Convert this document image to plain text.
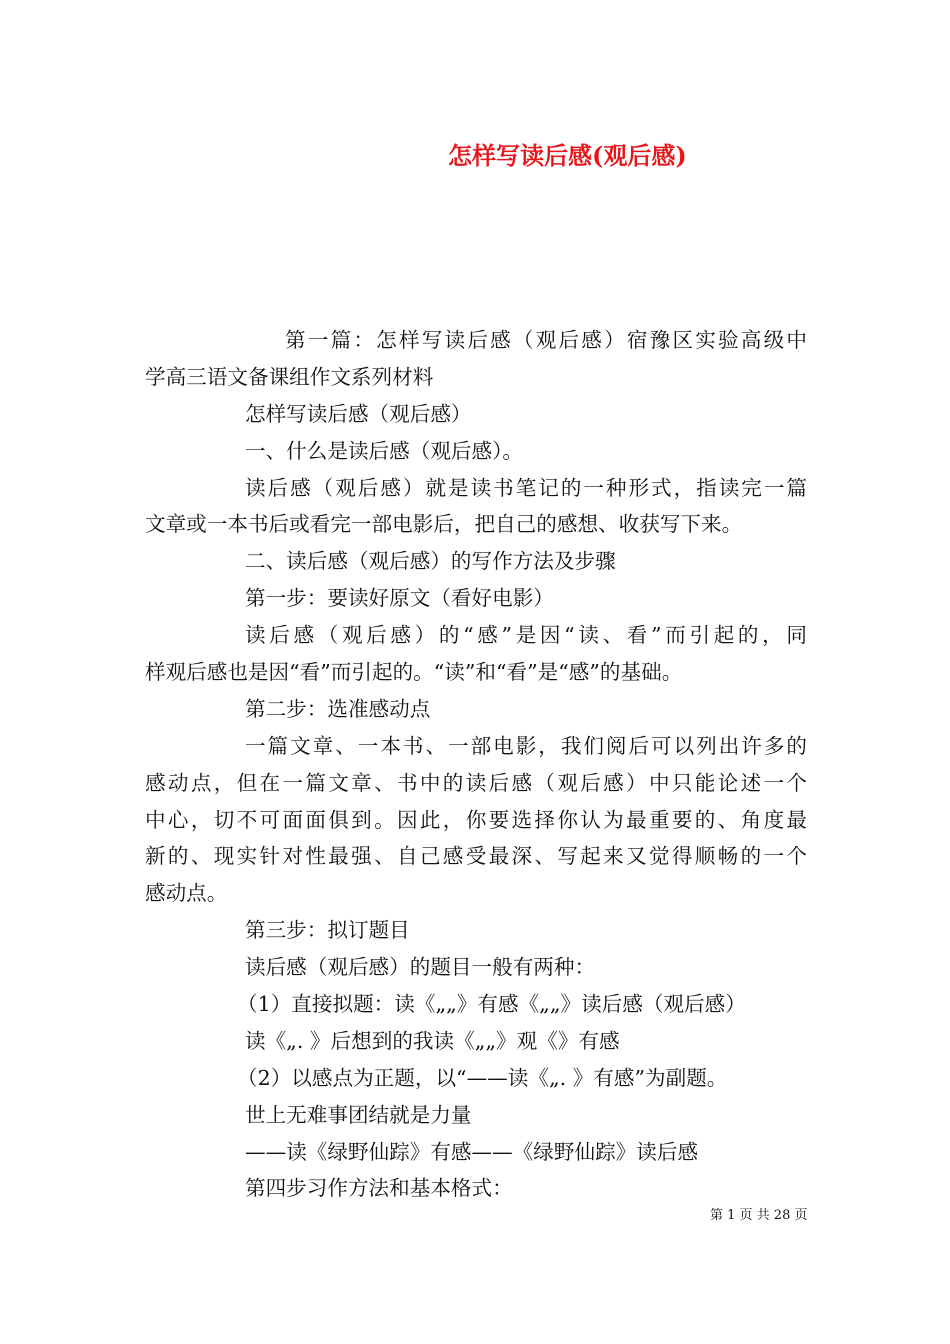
怎样写读后感(观后感)
第一篇：怎样写读后感（观后感）宿豫区实验高级中
学高三语文备课组作文系列材料
怎样写读后感（观后感）
一、什么是读后感（观后感）。
读后感（观后感）就是读书笔记的一种形式，指读完一篇
文章或一本书后或看完一部电影后，把自己的感想、收获写下来。
二、读后感（观后感）的写作方法及步骤
第一步：要读好原文（看好电影）
读后感（观后感）的“感”是因“读、看”而引起的，同
样观后感也是因“看”而引起的。“读”和“看”是“感”的基础。
第二步：选准感动点
一篇文章、一本书、一部电影，我们阅后可以列出许多的
感动点，但在一篇文章、书中的读后感（观后感）中只能论述一个
中心，切不可面面俱到。因此，你要选择你认为最重要的、角度最
新的、现实针对性最强、自己感受最深、写起来又觉得顺畅的一个
感动点。
第三步：拟订题目
读后感（观后感）的题目一般有两种：
（1）直接拟题：读《„„》有感《„„》读后感（观后感）
读《„. 》后想到的我读《„„》观《》有感
（2）以感点为正题，以“——读《„. 》有感”为副题。
世上无难事团结就是力量
——读《绿野仙踪》有感——《绿野仙踪》读后感
第四步习作方法和基本格式：
第 1 页 共 28 页
